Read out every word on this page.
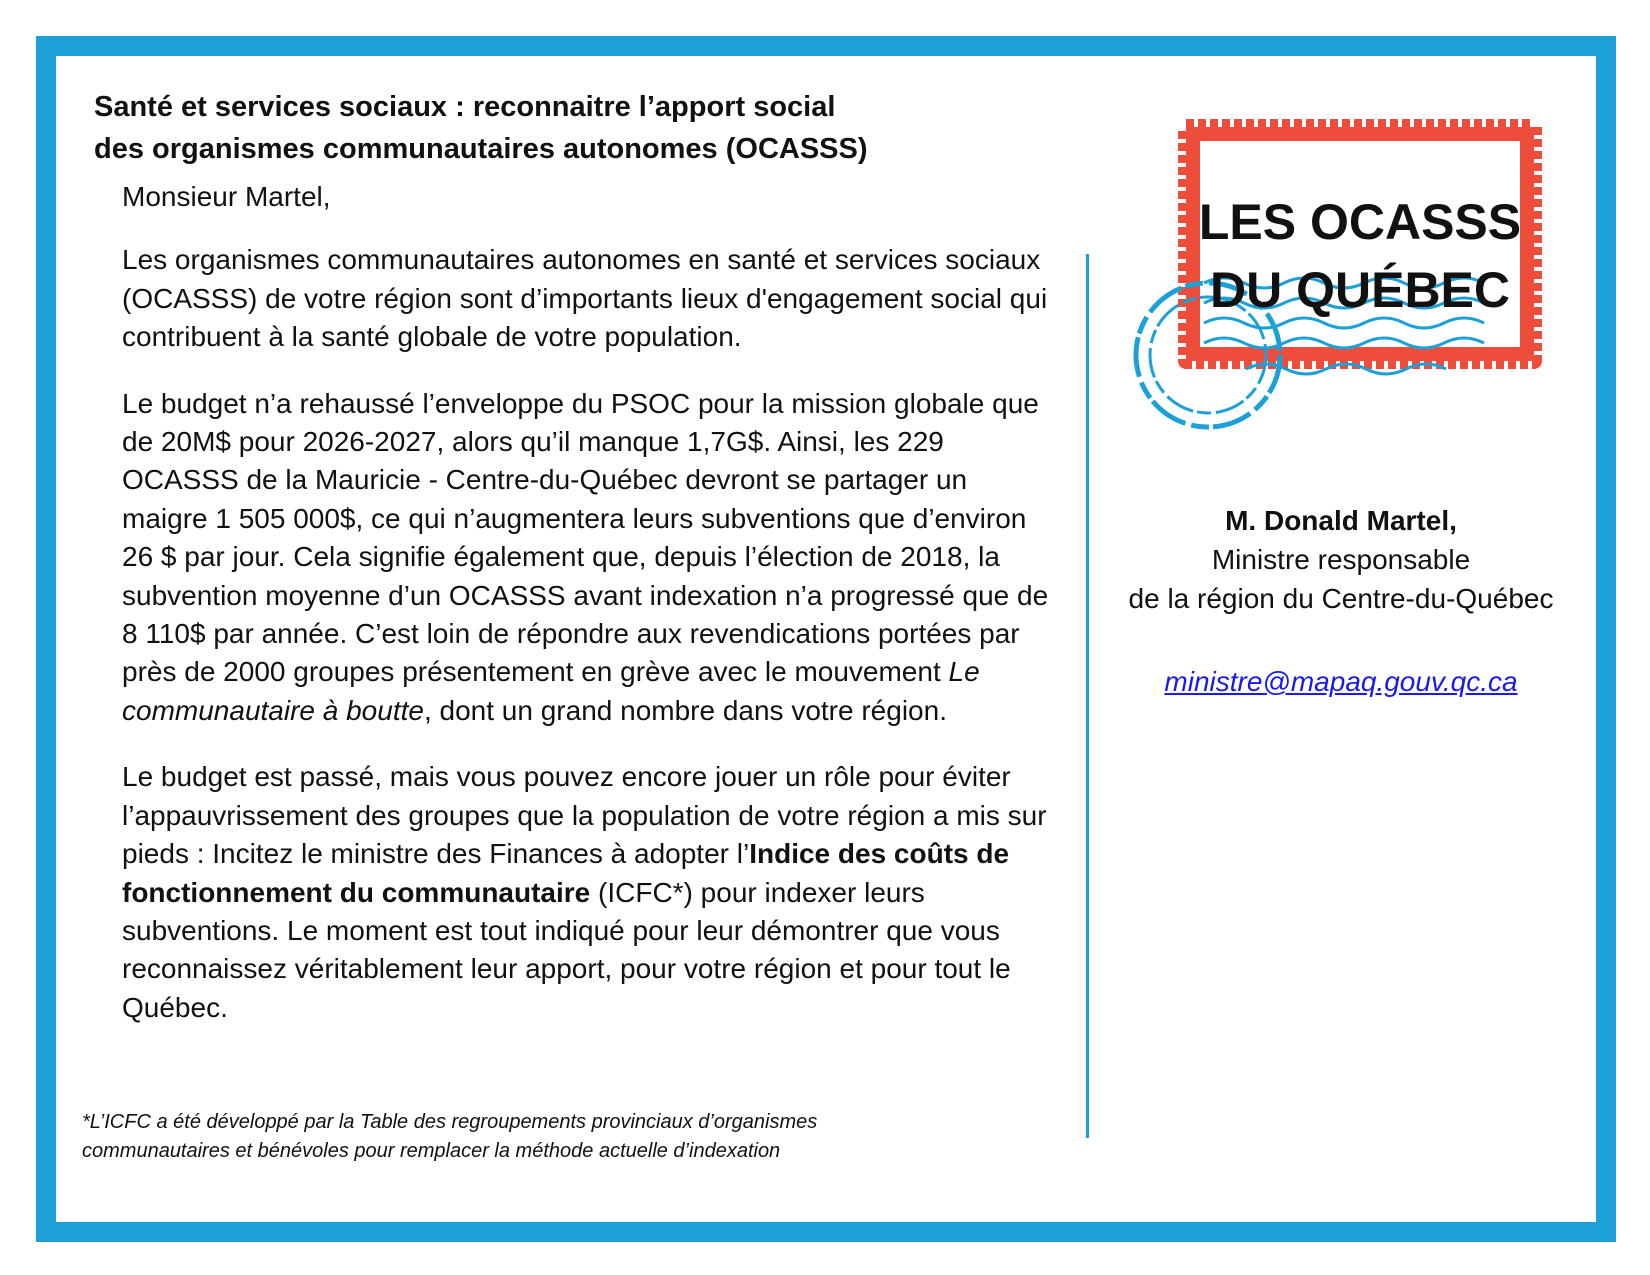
Santé et services sociaux : reconnaitre l’apport social
des organismes communautaires autonomes (OCASSS)

Monsieur Martel,

Les organismes communautaires autonomes en santé et services sociaux (OCASSS) de votre région sont d’importants lieux d'engagement social qui contribuent à la santé globale de votre population.

Le budget n’a rehaussé l’enveloppe du PSOC pour la mission globale que de 20M$ pour 2026-2027, alors qu’il manque 1,7G$. Ainsi, les 229 OCASSS de la Mauricie - Centre-du-Québec devront se partager un maigre 1 505 000$, ce qui n’augmentera leurs subventions que d’environ 26 $ par jour. Cela signifie également que, depuis l’élection de 2018, la subvention moyenne d’un OCASSS avant indexation n’a progressé que de 8 110$ par année. C’est loin de répondre aux revendications portées par près de 2000 groupes présentement en grève avec le mouvement Le communautaire à boutte, dont un grand nombre dans votre région.

Le budget est passé, mais vous pouvez encore jouer un rôle pour éviter l’appauvrissement des groupes que la population de votre région a mis sur pieds : Incitez le ministre des Finances à adopter l’Indice des coûts de fonctionnement du communautaire (ICFC*) pour indexer leurs subventions. Le moment est tout indiqué pour leur démontrer que vous reconnaissez véritablement leur apport, pour votre région et pour tout le Québec.

LES OCASSS
DU QUÉBEC
M. Donald Martel,
Ministre responsable
de la région du Centre-du-Québec
ministre@mapaq.gouv.qc.ca
*L’ICFC a été développé par la Table des regroupements provinciaux d’organismes
communautaires et bénévoles pour remplacer la méthode actuelle d’indexation
